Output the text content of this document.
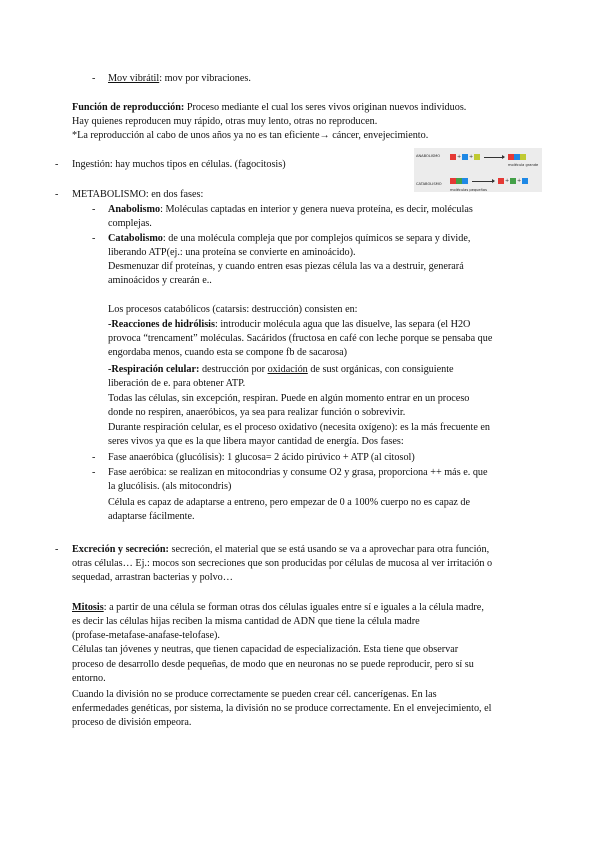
- Mov vibrátil: mov por vibraciones.
Función de reproducción: Proceso mediante el cual los seres vivos originan nuevos individuos.
Hay quienes reproducen muy rápido, otras muy lento, otras no reproducen.
*La reproducción al cabo de unos años ya no es tan eficiente→ cáncer, envejecimiento.
- Ingestión: hay muchos tipos en células. (fagocitosis)
ANABOLISMO
CATABOLISMO
molécula grande
moléculas pequeñas
+ +
+ +
- METABOLISMO: en dos fases:
- Anabolismo: Moléculas captadas en interior y genera nueva proteína, es decir, moléculas
complejas.
- Catabolismo: de una molécula compleja que por complejos químicos se separa y divide,
liberando ATP(ej.: una proteína se convierte en aminoácido).
Desmenuzar dif proteínas, y cuando entren esas piezas célula las va a destruir, generará
aminoácidos y crearán e..
Los procesos catabólicos (catarsis: destrucción) consisten en:
-Reacciones de hidrólisis: introducir molécula agua que las disuelve, las separa (el H2O
provoca “trencament” moléculas. Sacáridos (fructosa en café con leche porque se pensaba que
engordaba menos, cuando esta se compone fb de sacarosa)
-Respiración celular: destrucción por oxidación de sust orgánicas, con consiguiente
liberación de e. para obtener ATP.
Todas las células, sin excepción, respiran. Puede en algún momento entrar en un proceso
donde no respiren, anaeróbicos, ya sea para realizar función o sobrevivir.
Durante respiración celular, es el proceso oxidativo (necesita oxígeno): es la más frecuente en
seres vivos ya que es la que libera mayor cantidad de energía. Dos fases:
- Fase anaeróbica (glucólisis): 1 glucosa= 2 ácido pirúvico + ATP (al citosol)
- Fase aeróbica: se realizan en mitocondrias y consume O2 y grasa, proporciona ++ más e. que
la glucólisis. (als mitocondris)
Célula es capaz de adaptarse a entreno, pero empezar de 0 a 100% cuerpo no es capaz de
adaptarse fácilmente.
- Excreción y secreción: secreción, el material que se está usando se va a aprovechar para otra función,
otras células… Ej.: mocos son secreciones que son producidas por células de mucosa al ver irritación o
sequedad, arrastran bacterias y polvo…
Mitosis: a partir de una célula se forman otras dos células iguales entre sí e iguales a la célula madre,
es decir las células hijas reciben la misma cantidad de ADN que tiene la célula madre
(profase-metafase-anafase-telofase).
Células tan jóvenes y neutras, que tienen capacidad de especialización. Esta tiene que observar
proceso de desarrollo desde pequeñas, de modo que en neuronas no se puede reproducir, pero sí su
entorno.
Cuando la división no se produce correctamente se pueden crear cél. cancerígenas. En las
enfermedades genéticas, por sistema, la división no se produce correctamente. En el envejecimiento, el
proceso de división empeora.
